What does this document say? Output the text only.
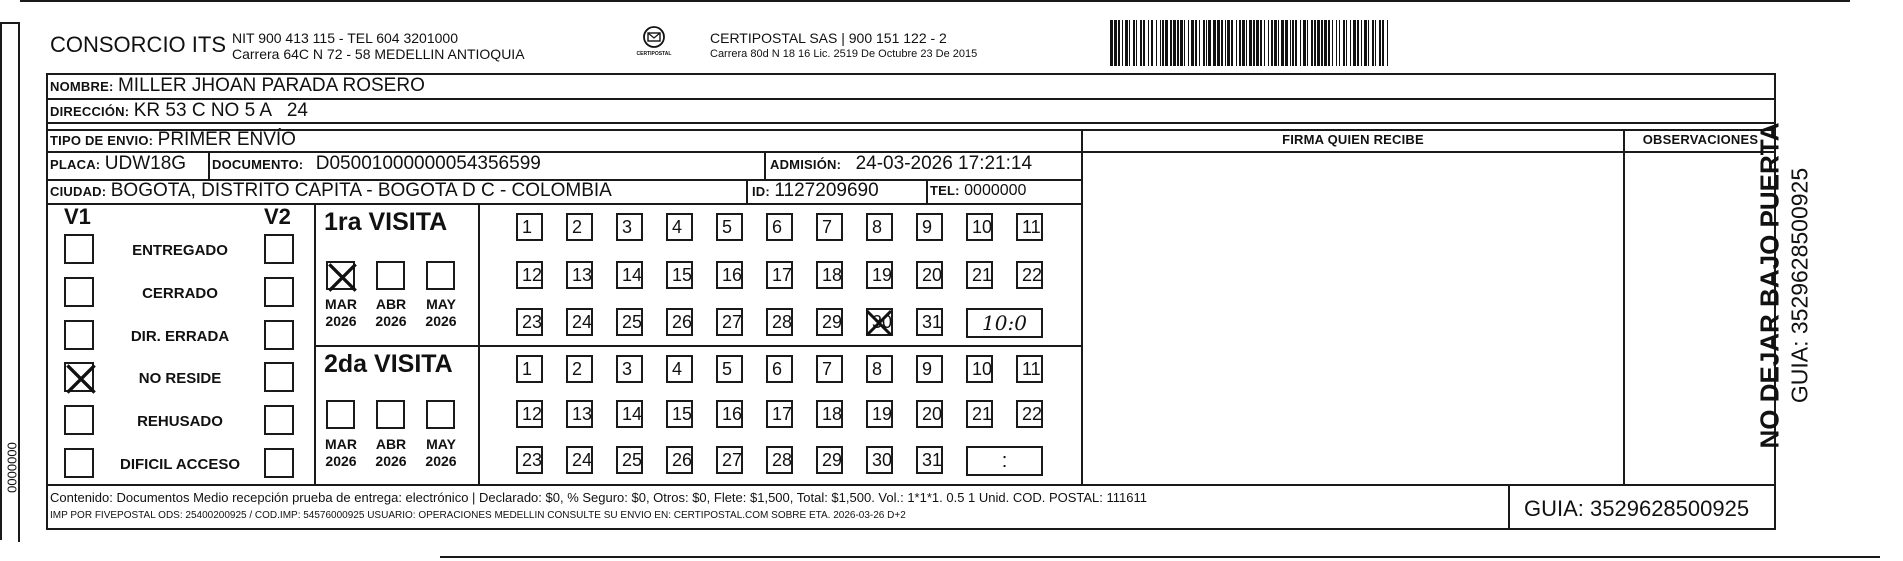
0000000
CONSORCIO ITS NIT 900 413 115 - TEL 604 3201000
Carrera 64C N 72 - 58 MEDELLIN ANTIOQUIA	CERTIPOSTAL
CERTIPOSTAL SAS | 900 151 122 - 2
Carrera 80d N 18 16 Lic. 2519 De Octubre 23 De 2015
NOMBRE: MILLER JHOAN PARADA ROSERO
DIRECCIÓN: KR 53 C NO 5 A   24
TIPO DE ENVIO: PRIMER ENVÍO
PLACA: UDW18G DOCUMENTO: D050010000000543565​99	ADMISIÓN: 24-03-2026 17:21:14
CIUDAD: BOGOTA, DISTRITO CAPITA - BOGOTA D C - COLOMBIA	ID: 1127209690	TEL: 0000000
FIRMA QUIEN RECIBE	OBSERVACIONES
NO DEJAR BAJO PUERTA GUIA: 3529628500925
V1	V2
ENTREGADO
CERRADO
DIR. ERRADA
NO RESIDE
REHUSADO
DIFICIL ACCESO
1ra VISITA
MAR
2026
ABR
2026
MAY
2026
1	2	3	4	5	6	7	8	9	10	11
12	13	14	15	16	17	18	19	20	21	22
23	24	25	26	27	28	29	30	31	10:0
2da VISITA
MAR
2026
ABR
2026
MAY
2026
1	2	3	4	5	6	7	8	9	10	11
12	13	14	15	16	17	18	19	20	21	22
23	24	25	26	27	28	29	30	31	:
Contenido: Documentos Medio recepción prueba de entrega: electrónico | Declarado: $0, % Seguro: $0, Otros: $0, Flete: $1,500, Total: $1,500. Vol.: 1*1*1. 0.5 1 Unid. COD. POSTAL: 111611
IMP POR FIVEPOSTAL ODS: 25400200925 / COD.IMP: 54576000925 USUARIO: OPERACIONES MEDELLIN CONSULTE SU ENVIO EN: CERTIPOSTAL.COM SOBRE ETA. 2026-03-26 D+2	GUIA: 3529628500925
